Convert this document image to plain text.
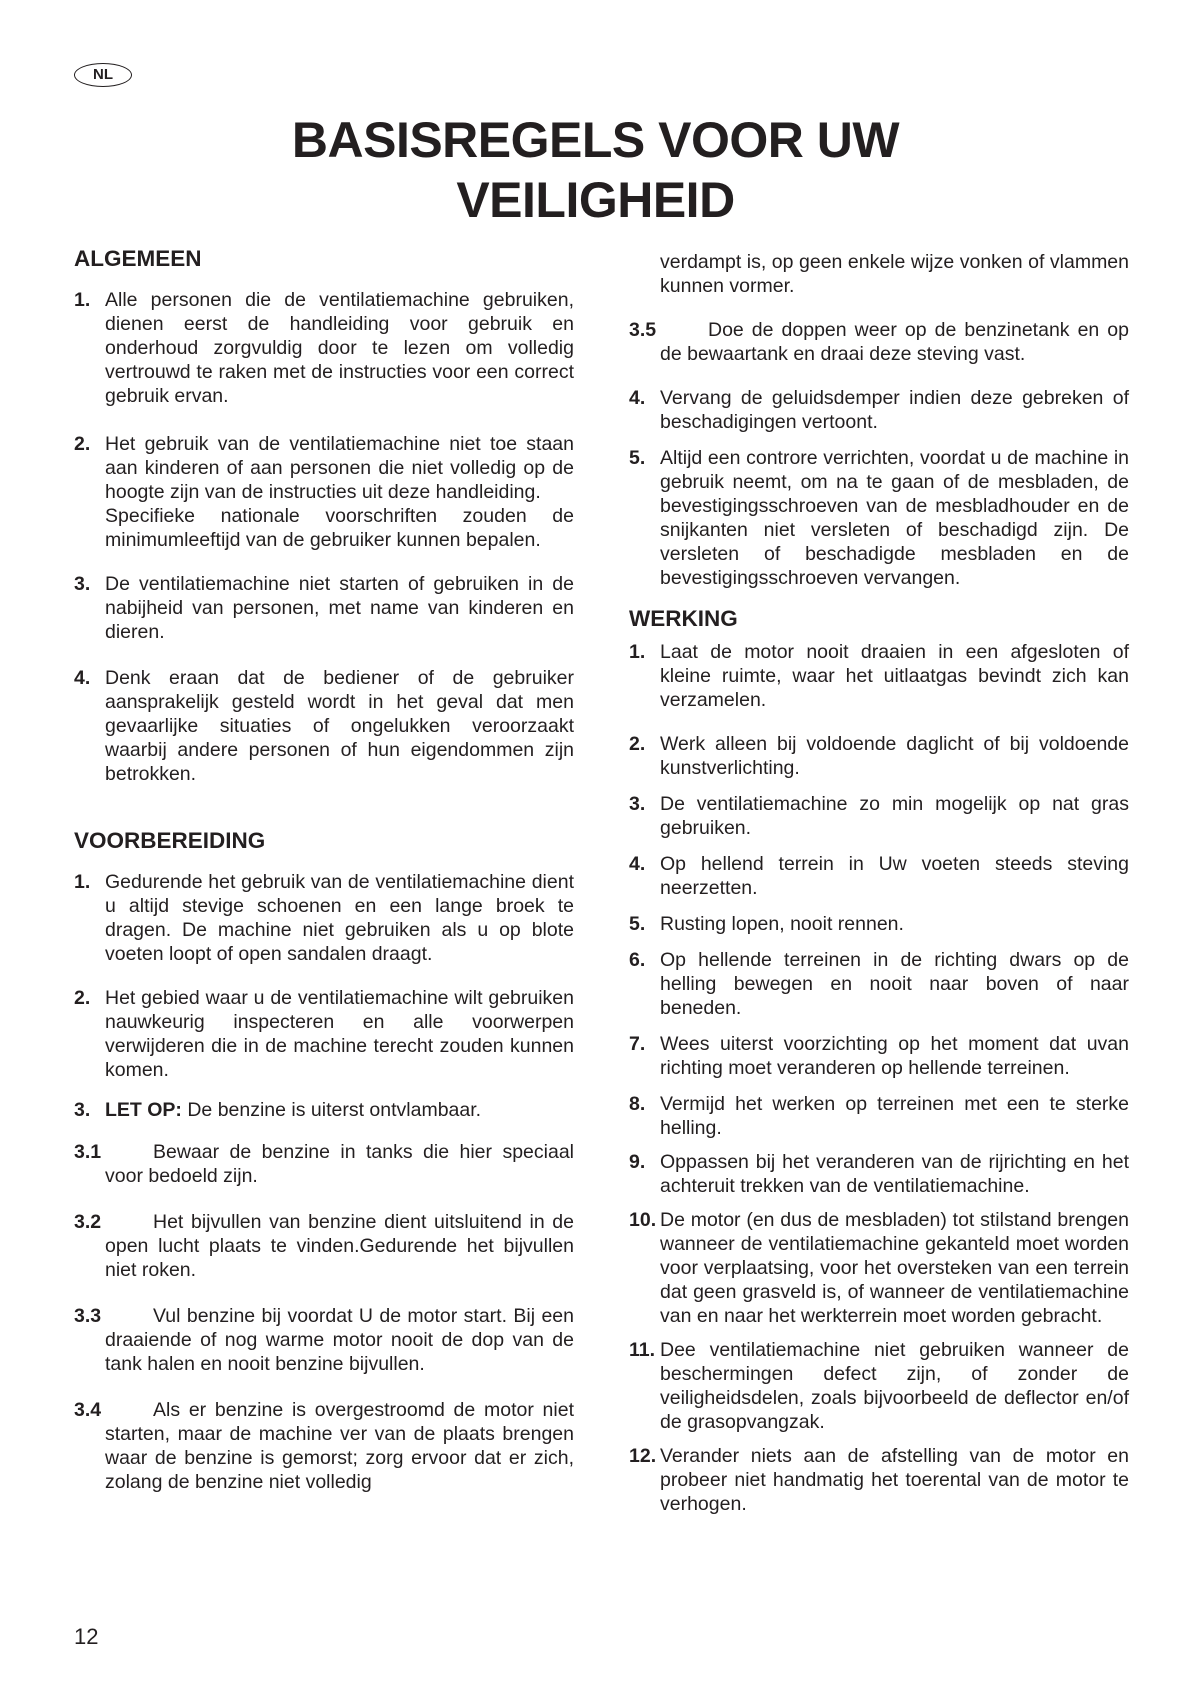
NL
BASISREGELS VOOR UW
VEILIGHEID
ALGEMEEN
1. Alle personen die de ventilatiemachine gebruiken, dienen eerst de handleiding voor gebruik en onderhoud zorgvuldig door te lezen om volledig vertrouwd te raken met de instructies voor een correct gebruik ervan.
2. Het gebruik van de ventilatiemachine niet toe staan aan kinderen of aan personen die niet volledig op de hoogte zijn van de instructies uit deze handleiding.
Specifieke nationale voorschriften zouden de minimumleeftijd van de gebruiker kunnen bepalen.
3. De ventilatiemachine niet starten of gebruiken in de nabijheid van personen, met name van kinderen en dieren.
4. Denk eraan dat de bediener of de gebruiker aansprakelijk gesteld wordt in het geval dat men gevaarlijke situaties of ongelukken veroorzaakt waarbij andere personen of hun eigendommen zijn betrokken.
VOORBEREIDING
1. Gedurende het gebruik van de ventilatiemachine dient u altijd stevige schoenen en een lange broek te dragen. De machine niet gebruiken als u op blote voeten loopt of open sandalen draagt.
2. Het gebied waar u de ventilatiemachine wilt gebruiken nauwkeurig inspecteren en alle voorwerpen verwijderen die in de machine terecht zouden kunnen komen.
3. LET OP: De benzine is uiterst ontvlambaar.
3.1	Bewaar de benzine in tanks die hier speciaal voor bedoeld zijn.
3.2	Het bijvullen van benzine dient uitsluitend in de open lucht plaats te vinden.Gedurende het bijvullen niet roken.
3.3	Vul benzine bij voordat U de motor start. Bij een draaiende of nog warme motor nooit de dop van de tank halen en nooit benzine bijvullen.
3.4	Als er benzine is overgestroomd de motor niet starten, maar de machine ver van de plaats brengen waar de benzine is gemorst; zorg ervoor dat er zich, zolang de benzine niet volledig
verdampt is, op geen enkele wijze vonken of vlammen kunnen vormer.
3.5	Doe de doppen weer op de benzinetank en op de bewaartank en draai deze steving vast.
4. Vervang de geluidsdemper indien deze gebreken of beschadigingen vertoont.
5. Altijd een controre verrichten, voordat u de machine in gebruik neemt, om na te gaan of de mesbladen, de bevestigingsschroeven van de mesbladhouder en de snijkanten niet versleten of beschadigd zijn. De versleten of beschadigde mesbladen en de bevestigingsschroeven vervangen.
WERKING
1. Laat de motor nooit draaien in een afgesloten of kleine ruimte, waar het uitlaatgas bevindt zich kan verzamelen.
2. Werk alleen bij voldoende daglicht of bij voldoende kunstverlichting.
3. De ventilatiemachine zo min mogelijk op nat gras gebruiken.
4. Op hellend terrein in Uw voeten steeds steving neerzetten.
5. Rusting lopen, nooit rennen.
6. Op hellende terreinen in de richting dwars op de helling bewegen en nooit naar boven of naar beneden.
7. Wees uiterst voorzichting op het moment dat uvan richting moet veranderen op hellende terreinen.
8. Vermijd het werken op terreinen met een te sterke helling.
9. Oppassen bij het veranderen van de rijrichting en het achteruit trekken van de ventilatiemachine.
10. De motor (en dus de mesbladen) tot stilstand brengen wanneer de ventilatiemachine gekanteld moet worden voor verplaatsing, voor het oversteken van een terrein dat geen grasveld is, of wanneer de ventilatiemachine van en naar het werkterrein moet worden gebracht.
11. Dee ventilatiemachine niet gebruiken wanneer de beschermingen defect zijn, of zonder de veiligheidsdelen, zoals bijvoorbeeld de deflector en/of de grasopvangzak.
12. Verander niets aan de afstelling van de motor en probeer niet handmatig het toerental van de motor te verhogen.
12
